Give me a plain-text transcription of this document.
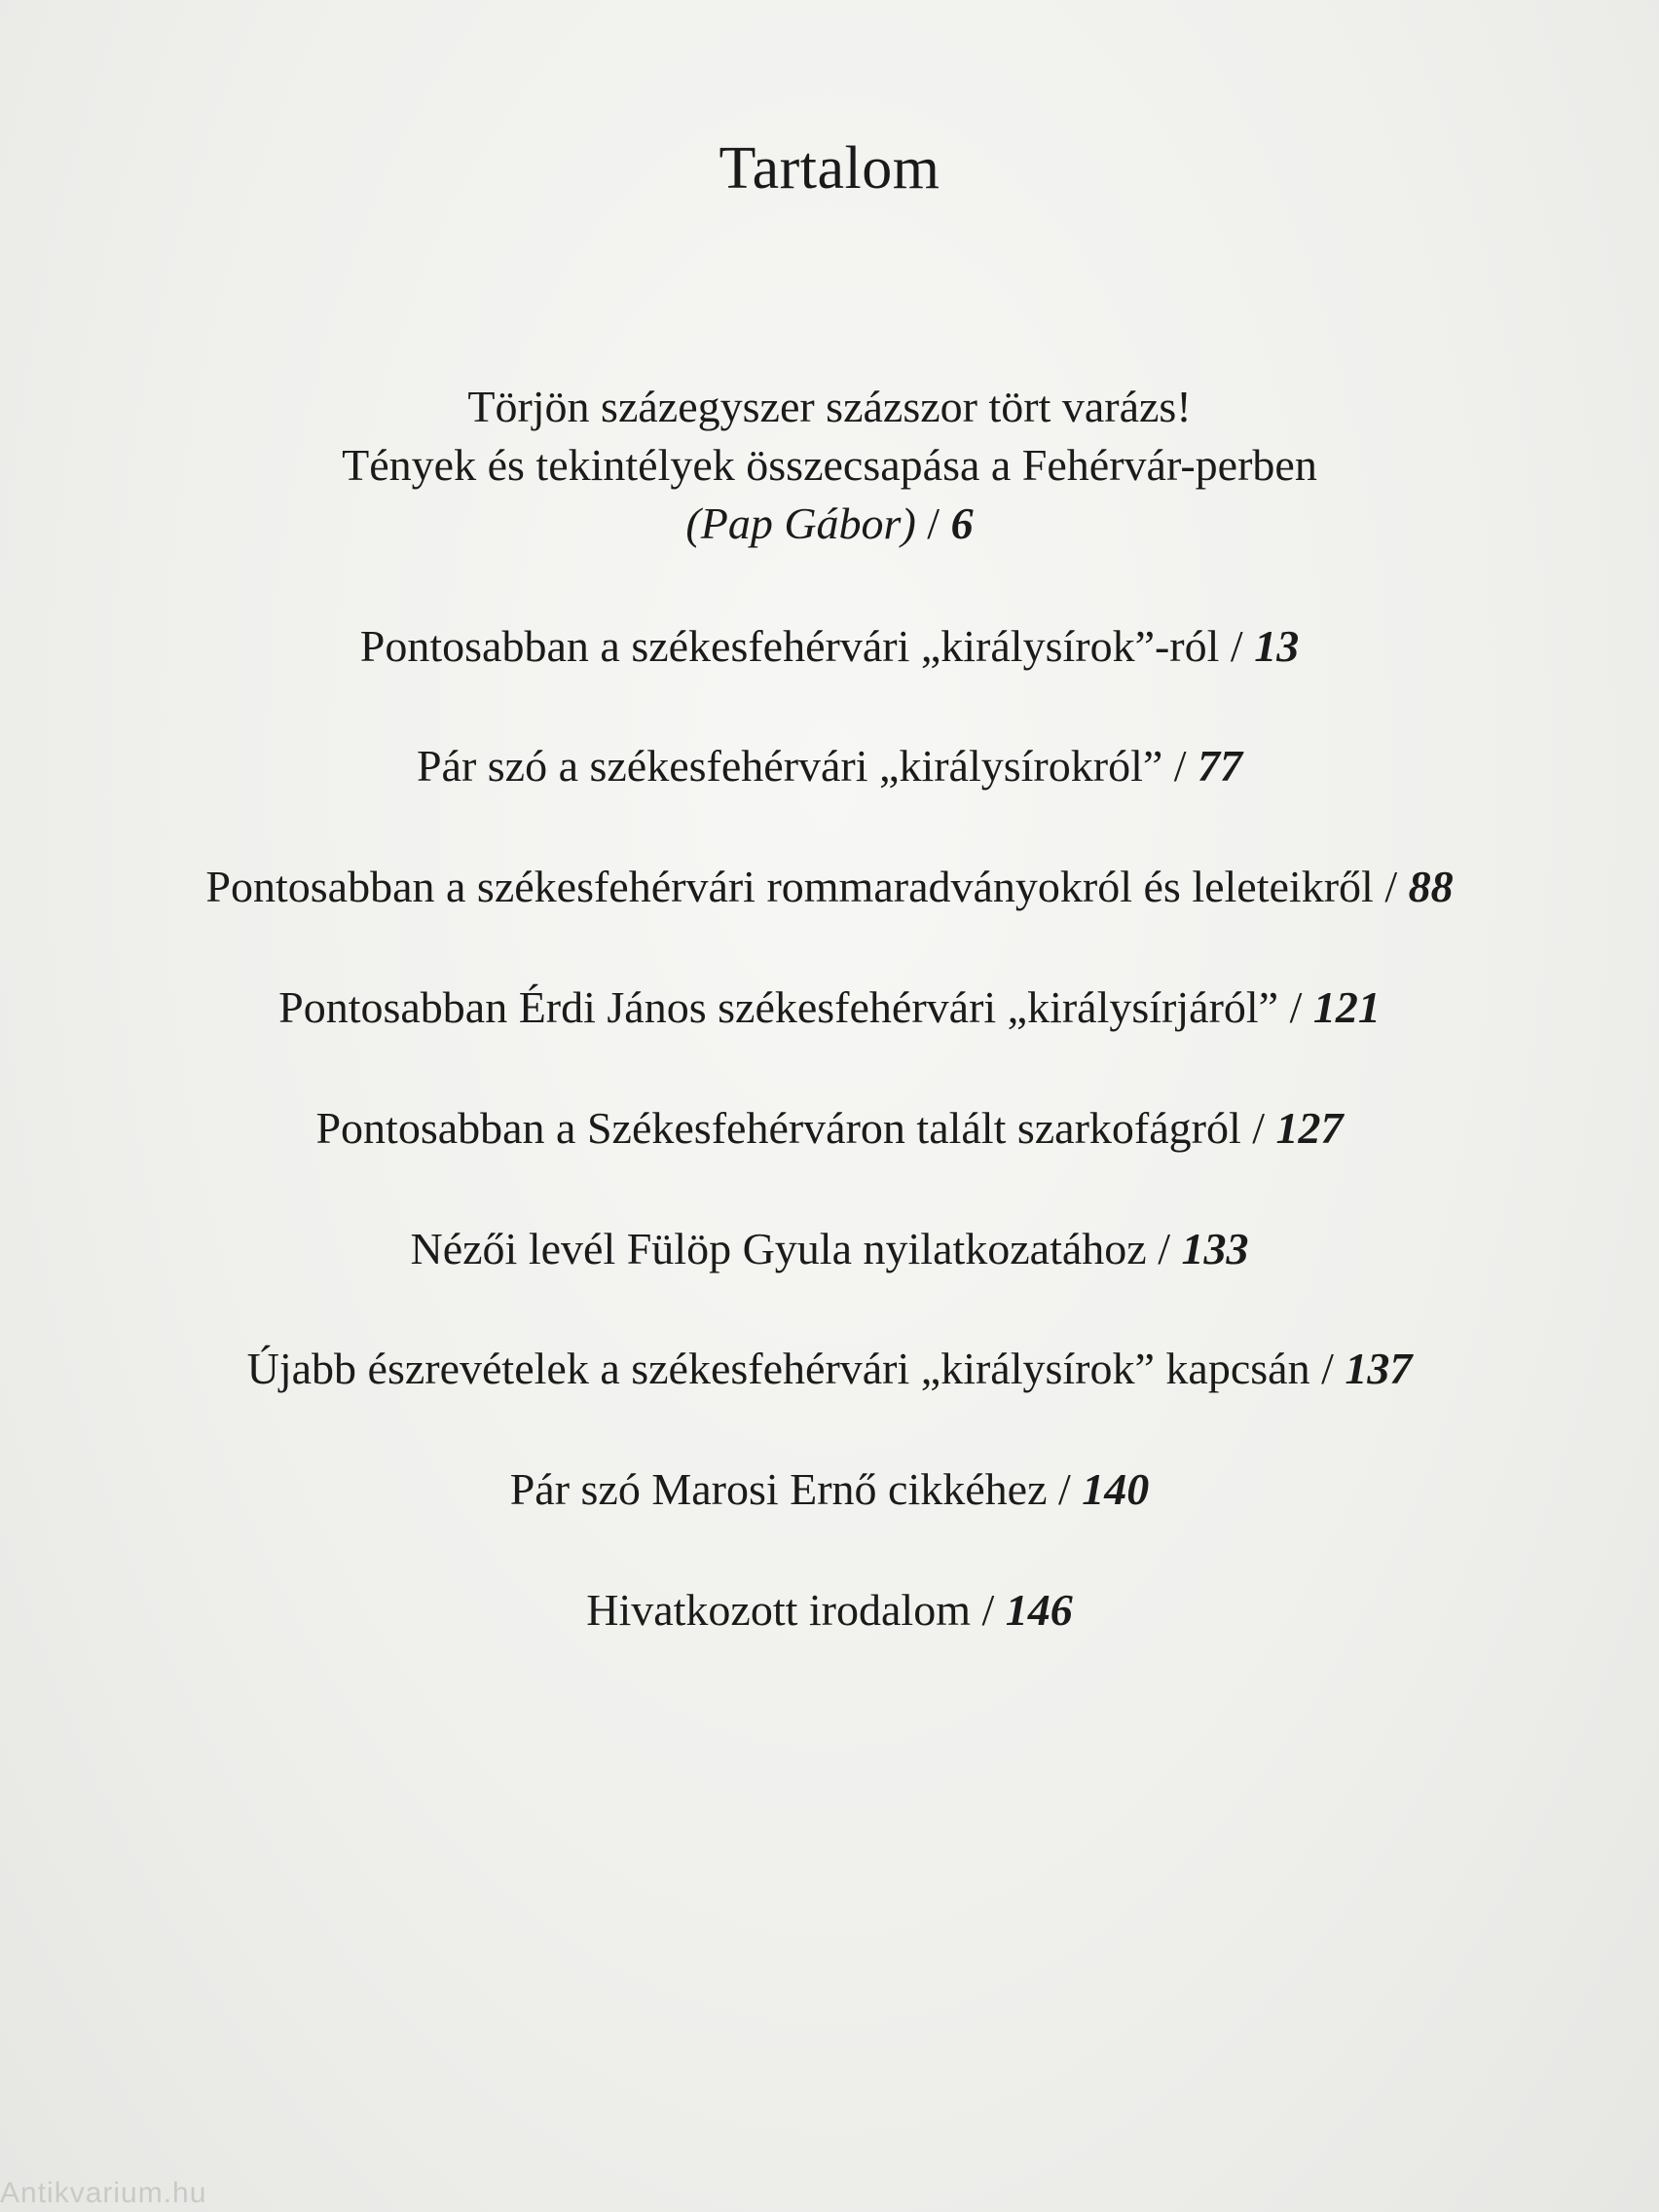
Tartalom
Törjön százegyszer százszor tört varázs!
Tények és tekintélyek összecsapása a Fehérvár-perben
(Pap Gábor) / 6
Pontosabban a székesfehérvári „királysírok”-ról / 13
Pár szó a székesfehérvári „királysírokról” / 77
Pontosabban a székesfehérvári rommaradványokról és leleteikről / 88
Pontosabban Érdi János székesfehérvári „királysírjáról” / 121
Pontosabban a Székesfehérváron talált szarkofágról / 127
Nézői levél Fülöp Gyula nyilatkozatához / 133
Újabb észrevételek a székesfehérvári „királysírok” kapcsán / 137
Pár szó Marosi Ernő cikkéhez / 140
Hivatkozott irodalom / 146
Antikvarium.hu
